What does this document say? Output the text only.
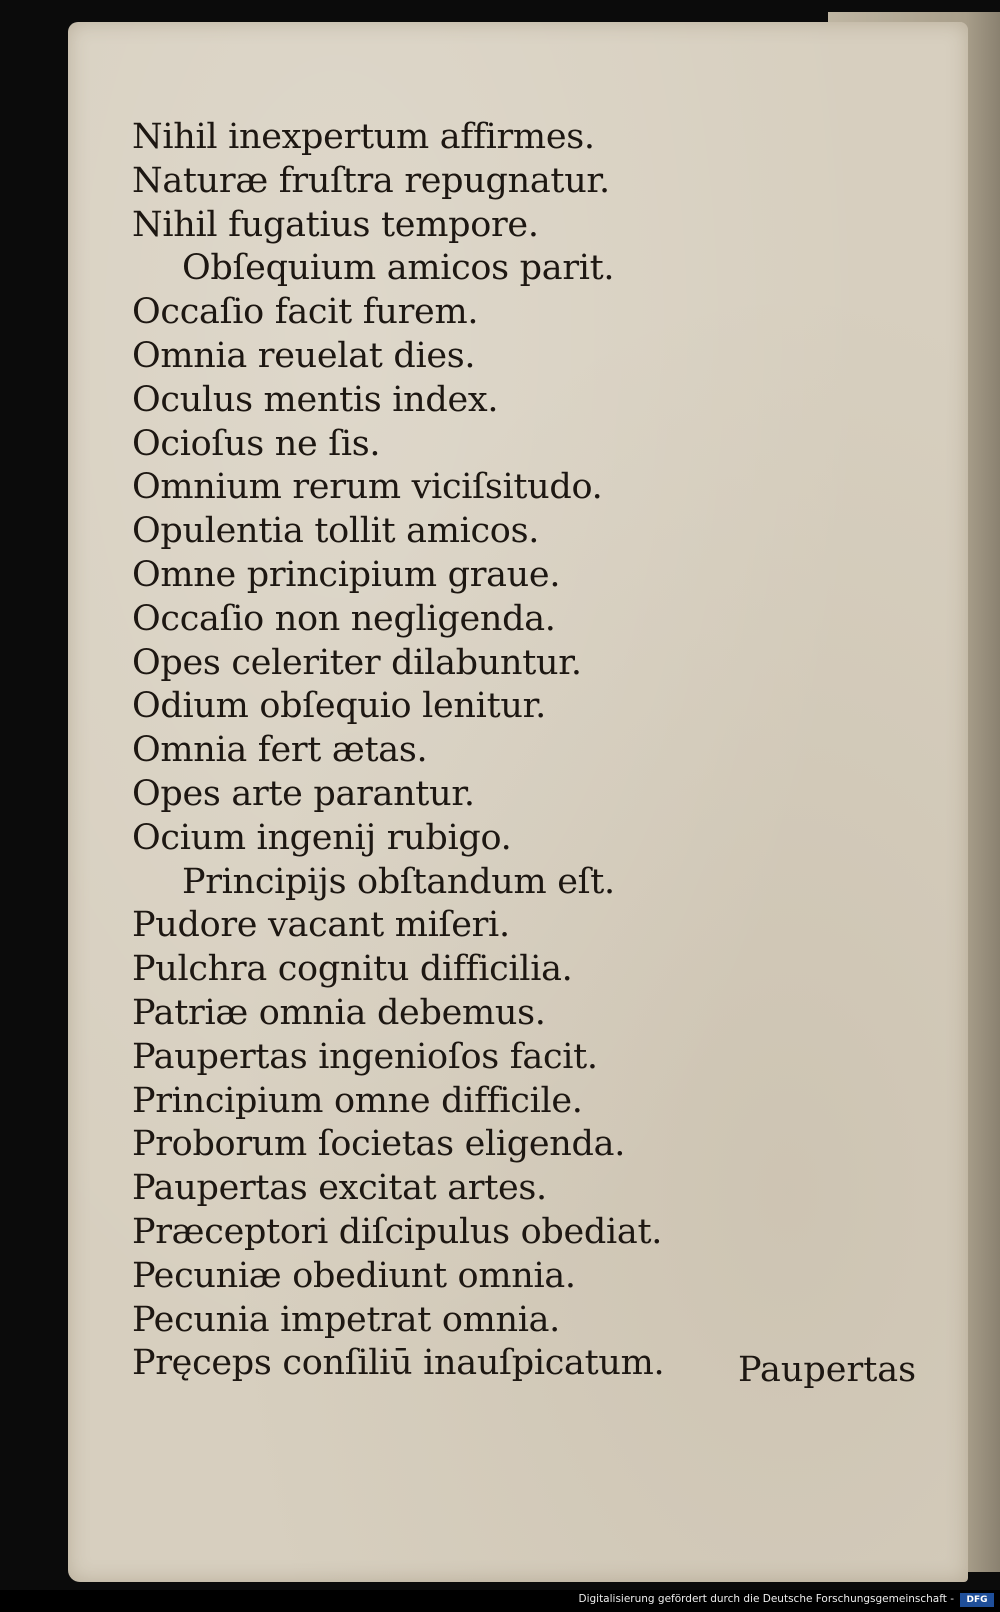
Nihil inexpertum affirmes.
Naturæ fruſtra repugnatur.
Nihil fugatius tempore.
Obſequium amicos parit.
Occaſio facit furem.
Omnia reuelat dies.
Oculus mentis index.
Ocioſus ne ſis.
Omnium rerum viciſsitudo.
Opulentia tollit amicos.
Omne principium graue.
Occaſio non negligenda.
Opes celeriter dilabuntur.
Odium obſequio lenitur.
Omnia fert ætas.
Opes arte parantur.
Ocium ingenij rubigo.
Principijs obſtandum eſt.
Pudore vacant miſeri.
Pulchra cognitu difficilia.
Patriæ omnia debemus.
Paupertas ingenioſos facit.
Principium omne difficile.
Proborum ſocietas eligenda.
Paupertas excitat artes.
Præceptori diſcipulus obediat.
Pecuniæ obediunt omnia.
Pecunia impetrat omnia.
Pręceps conſiliū inauſpicatum.	Paupertas
Digitalisierung gefördert durch die Deutsche Forschungsgemeinschaft -	DFG
